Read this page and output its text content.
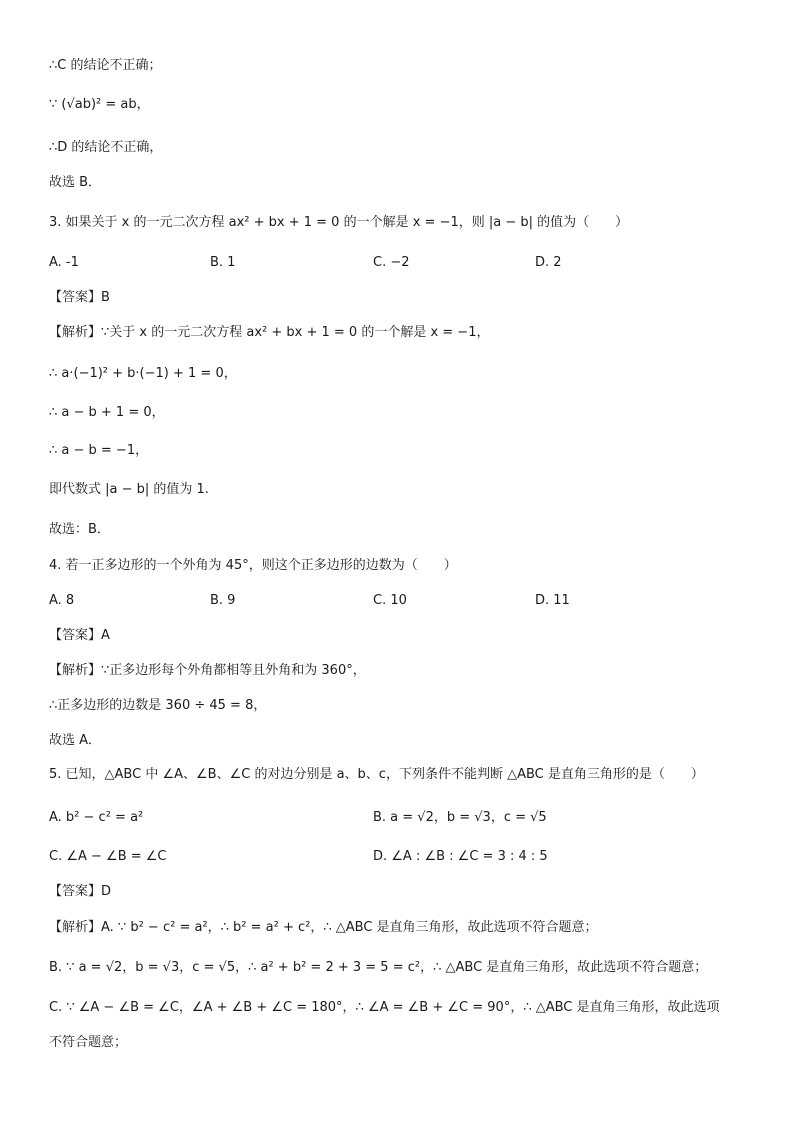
∴C 的结论不正确；
∵ (√ab)² = ab，
∴D 的结论不正确，
故选 B．
3. 如果关于 x 的一元二次方程 ax² + bx + 1 = 0 的一个解是 x = −1，则 |a − b| 的值为（　　）
A. -1	B. 1	C. −2	D. 2
【答案】B
【解析】∵关于 x 的一元二次方程 ax² + bx + 1 = 0 的一个解是 x = −1，
∴ a·(−1)² + b·(−1) + 1 = 0，
∴ a − b + 1 = 0，
∴ a − b = −1，
即代数式 |a − b| 的值为 1.
故选：B．
4. 若一正多边形的一个外角为 45°，则这个正多边形的边数为（　　）
A. 8	B. 9	C. 10	D. 11
【答案】A
【解析】∵正多边形每个外角都相等且外角和为 360°，
∴正多边形的边数是 360 ÷ 45 = 8，
故选 A．
5. 已知，△ABC 中 ∠A、∠B、∠C 的对边分别是 a、b、c，下列条件不能判断 △ABC 是直角三角形的是（　　）
A. b² − c² = a²	B. a = √2，b = √3，c = √5
C. ∠A − ∠B = ∠C	D. ∠A : ∠B : ∠C = 3 : 4 : 5
【答案】D
【解析】A. ∵ b² − c² = a²，∴ b² = a² + c²，∴ △ABC 是直角三角形，故此选项不符合题意；
B. ∵ a = √2，b = √3，c = √5，∴ a² + b² = 2 + 3 = 5 = c²，∴ △ABC 是直角三角形，故此选项不符合题意；
C. ∵ ∠A − ∠B = ∠C，∠A + ∠B + ∠C = 180°，∴ ∠A = ∠B + ∠C = 90°，∴ △ABC 是直角三角形，故此选项
不符合题意；
